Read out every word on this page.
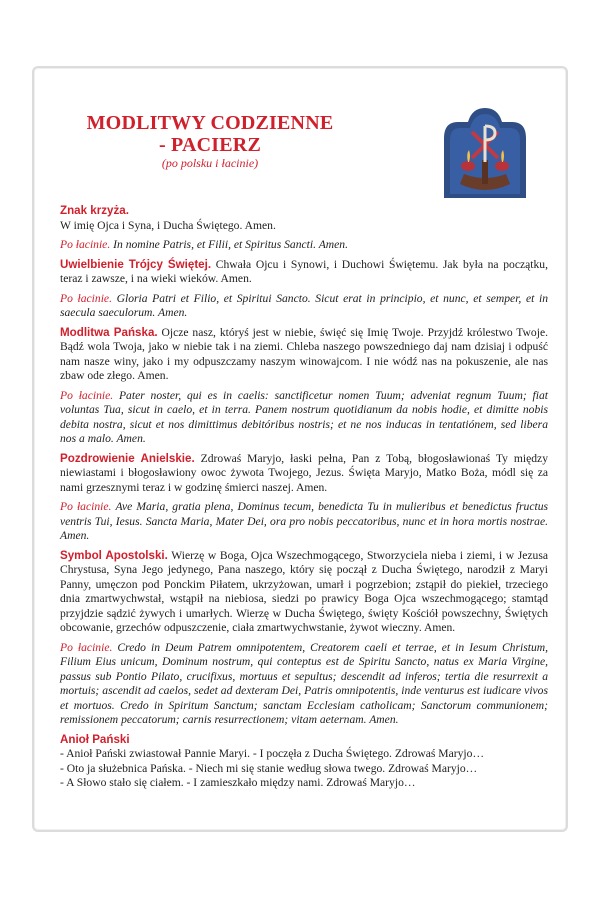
MODLITWY CODZIENNE
- PACIERZ
(po polsku i łacinie)

Znak krzyża.
W imię Ojca i Syna, i Ducha Świętego. Amen.

Po łacinie. In nomine Patris, et Filii, et Spiritus Sancti. Amen.

Uwielbienie Trójcy Świętej. Chwała Ojcu i Synowi, i Duchowi Świętemu. Jak była na początku, teraz i zawsze, i na wieki wieków. Amen.

Po łacinie. Gloria Patri et Filio, et Spiritui Sancto. Sicut erat in principio, et nunc, et semper, et in saecula saeculorum. Amen.

Modlitwa Pańska. Ojcze nasz, któryś jest w niebie, święć się Imię Twoje. Przyjdź królestwo Twoje. Bądź wola Twoja, jako w niebie tak i na ziemi. Chleba naszego powszedniego daj nam dzisiaj i odpuść nam nasze winy, jako i my odpuszczamy naszym winowajcom. I nie wódź nas na pokuszenie, ale nas zbaw ode złego. Amen.

Po łacinie. Pater noster, qui es in caelis: sanctificetur nomen Tuum; adveniat regnum Tuum; fiat voluntas Tua, sicut in caelo, et in terra. Panem nostrum quotidianum da nobis hodie, et dimitte nobis debita nostra, sicut et nos dimittimus debitóribus nostris; et ne nos inducas in tentatiónem, sed libera nos a malo. Amen.

Pozdrowienie Anielskie. Zdrowaś Maryjo, łaski pełna, Pan z Tobą, błogosławionaś Ty między niewiastami i błogosławiony owoc żywota Twojego, Jezus. Święta Maryjo, Matko Boża, módl się za nami grzesznymi teraz i w godzinę śmierci naszej. Amen.

Po łacinie. Ave Maria, gratia plena, Dominus tecum, benedicta Tu in mulieribus et benedictus fructus ventris Tui, Iesus. Sancta Maria, Mater Dei, ora pro nobis peccatoribus, nunc et in hora mortis nostrae. Amen.

Symbol Apostolski. Wierzę w Boga, Ojca Wszechmogącego, Stworzyciela nieba i ziemi, i w Jezusa Chrystusa, Syna Jego jedynego, Pana naszego, który się począł z Ducha Świętego, narodził z Maryi Panny, umęczon pod Ponckim Piłatem, ukrzyżowan, umarł i pogrzebion; zstąpił do piekieł, trzeciego dnia zmartwychwstał, wstąpił na niebiosa, siedzi po prawicy Boga Ojca wszechmogącego; stamtąd przyjdzie sądzić żywych i umarłych. Wierzę w Ducha Świętego, święty Kościół powszechny, Świętych obcowanie, grzechów odpuszczenie, ciała zmartwychwstanie, żywot wieczny. Amen.

Po łacinie. Credo in Deum Patrem omnipotentem, Creatorem caeli et terrae, et in Iesum Christum, Filium Eius unicum, Dominum nostrum, qui conteptus est de Spiritu Sancto, natus ex Maria Virgine, passus sub Pontio Pilato, crucifixus, mortuus et sepultus; descendit ad inferos; tertia die resurrexit a mortuis; ascendit ad caelos, sedet ad dexteram Dei, Patris omnipotentis, inde venturus est iudicare vivos et mortuos. Credo in Spiritum Sanctum; sanctam Ecclesiam catholicam; Sanctorum communionem; remissionem peccatorum; carnis resurrectionem; vitam aeternam. Amen.

Anioł Pański
- Anioł Pański zwiastował Pannie Maryi. - I poczęła z Ducha Świętego. Zdrowaś Maryjo…
- Oto ja służebnica Pańska. - Niech mi się stanie według słowa twego. Zdrowaś Maryjo…
- A Słowo stało się ciałem. - I zamieszkało między nami. Zdrowaś Maryjo…
